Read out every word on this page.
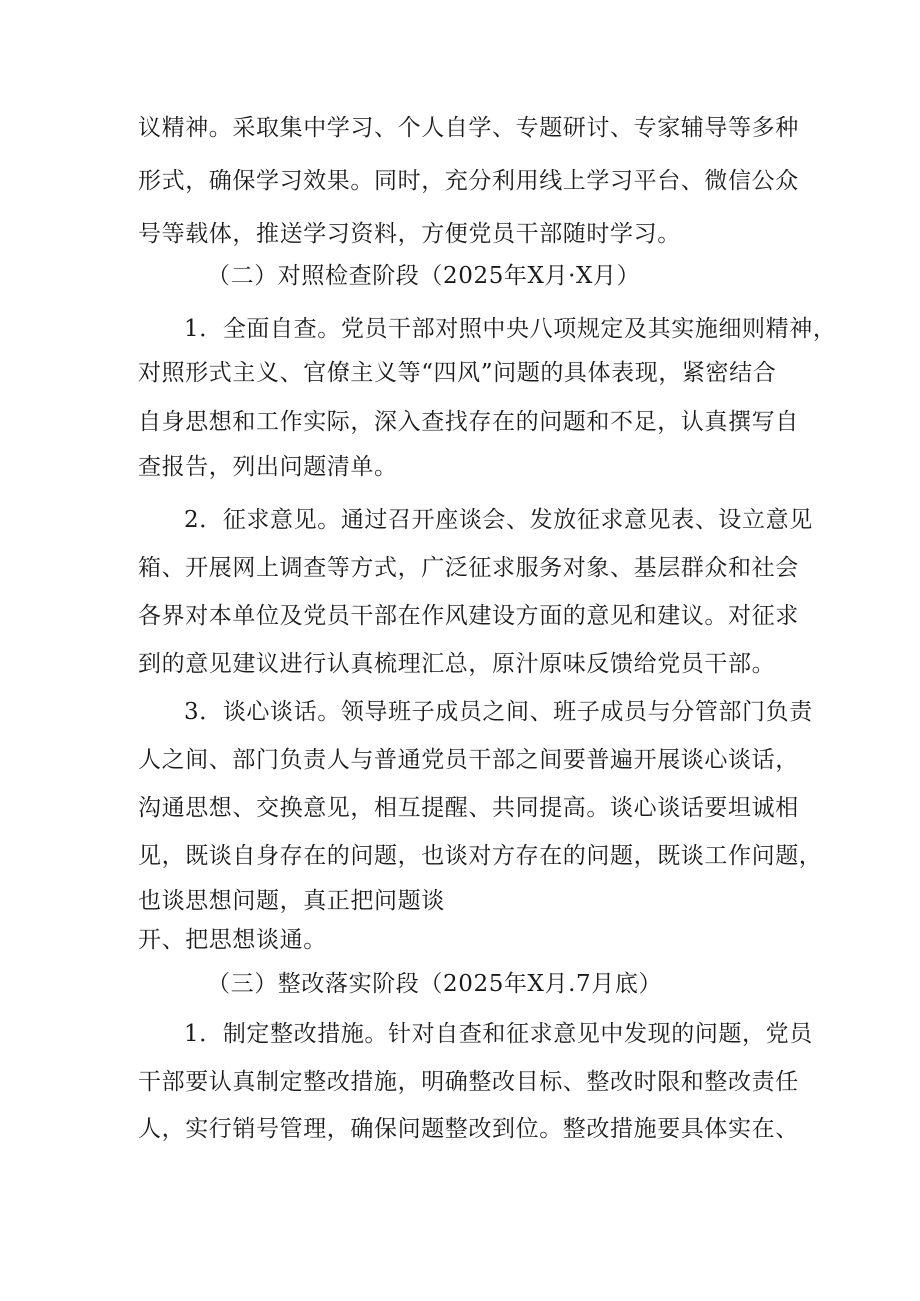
议精神。采取集中学习、个人自学、专题研讨、专家辅导等多种
形式，确保学习效果。同时，充分利用线上学习平台、微信公众
号等载体，推送学习资料，方便党员干部随时学习。
（二）对照检查阶段（2025年X月·X月）
1．全面自查。党员干部对照中央八项规定及其实施细则精神，
对照形式主义、官僚主义等“四风”问题的具体表现，紧密结合
自身思想和工作实际，深入查找存在的问题和不足，认真撰写自
查报告，列出问题清单。
2．征求意见。通过召开座谈会、发放征求意见表、设立意见
箱、开展网上调查等方式，广泛征求服务对象、基层群众和社会
各界对本单位及党员干部在作风建设方面的意见和建议。对征求
到的意见建议进行认真梳理汇总，原汁原味反馈给党员干部。
3．谈心谈话。领导班子成员之间、班子成员与分管部门负责
人之间、部门负责人与普通党员干部之间要普遍开展谈心谈话，
沟通思想、交换意见，相互提醒、共同提高。谈心谈话要坦诚相
见，既谈自身存在的问题，也谈对方存在的问题，既谈工作问题，
也谈思想问题，真正把问题谈
开、把思想谈通。
（三）整改落实阶段（2025年X月.7月底）
1．制定整改措施。针对自查和征求意见中发现的问题，党员
干部要认真制定整改措施，明确整改目标、整改时限和整改责任
人，实行销号管理，确保问题整改到位。整改措施要具体实在、
